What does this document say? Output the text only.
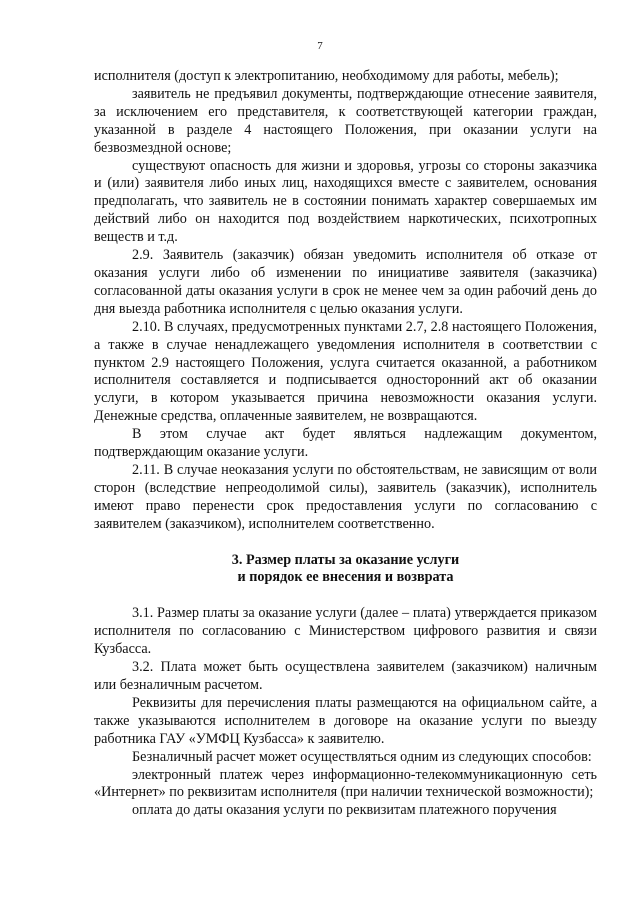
7

исполнителя (доступ к электропитанию, необходимому для работы, мебель);

заявитель не предъявил документы, подтверждающие отнесение заявителя, за исключением его представителя, к соответствующей категории граждан, указанной в разделе 4 настоящего Положения, при оказании услуги на безвозмездной основе;

существуют опасность для жизни и здоровья, угрозы со стороны заказчика и (или) заявителя либо иных лиц, находящихся вместе с заявителем, основания предполагать, что заявитель не в состоянии понимать характер совершаемых им действий либо он находится под воздействием наркотических, психотропных веществ и т.д.

2.9. Заявитель (заказчик) обязан уведомить исполнителя об отказе от оказания услуги либо об изменении по инициативе заявителя (заказчика) согласованной даты оказания услуги в срок не менее чем за один рабочий день до дня выезда работника исполнителя с целью оказания услуги.

2.10. В случаях, предусмотренных пунктами 2.7, 2.8 настоящего Положения, а также в случае ненадлежащего уведомления исполнителя в соответствии с пунктом 2.9 настоящего Положения, услуга считается оказанной, а работником исполнителя составляется и подписывается односторонний акт об оказании услуги, в котором указывается причина невозможности оказания услуги. Денежные средства, оплаченные заявителем, не возвращаются.

В этом случае акт будет являться надлежащим документом, подтверждающим оказание услуги.

2.11. В случае неоказания услуги по обстоятельствам, не зависящим от воли сторон (вследствие непреодолимой силы), заявитель (заказчик), исполнитель имеют право перенести срок предоставления услуги по согласованию с заявителем (заказчиком), исполнителем соответственно.

3. Размер платы за оказание услуги

и порядок ее внесения и возврата

3.1. Размер платы за оказание услуги (далее – плата) утверждается приказом исполнителя по согласованию с Министерством цифрового развития и связи Кузбасса.

3.2. Плата может быть осуществлена заявителем (заказчиком) наличным или безналичным расчетом.

Реквизиты для перечисления платы размещаются на официальном сайте, а также указываются исполнителем в договоре на оказание услуги по выезду работника ГАУ «УМФЦ Кузбасса» к заявителю.

Безналичный расчет может осуществляться одним из следующих способов:

электронный платеж через информационно-телекоммуникационную сеть «Интернет» по реквизитам исполнителя (при наличии технической возможности);

оплата до даты оказания услуги по реквизитам платежного поручения
